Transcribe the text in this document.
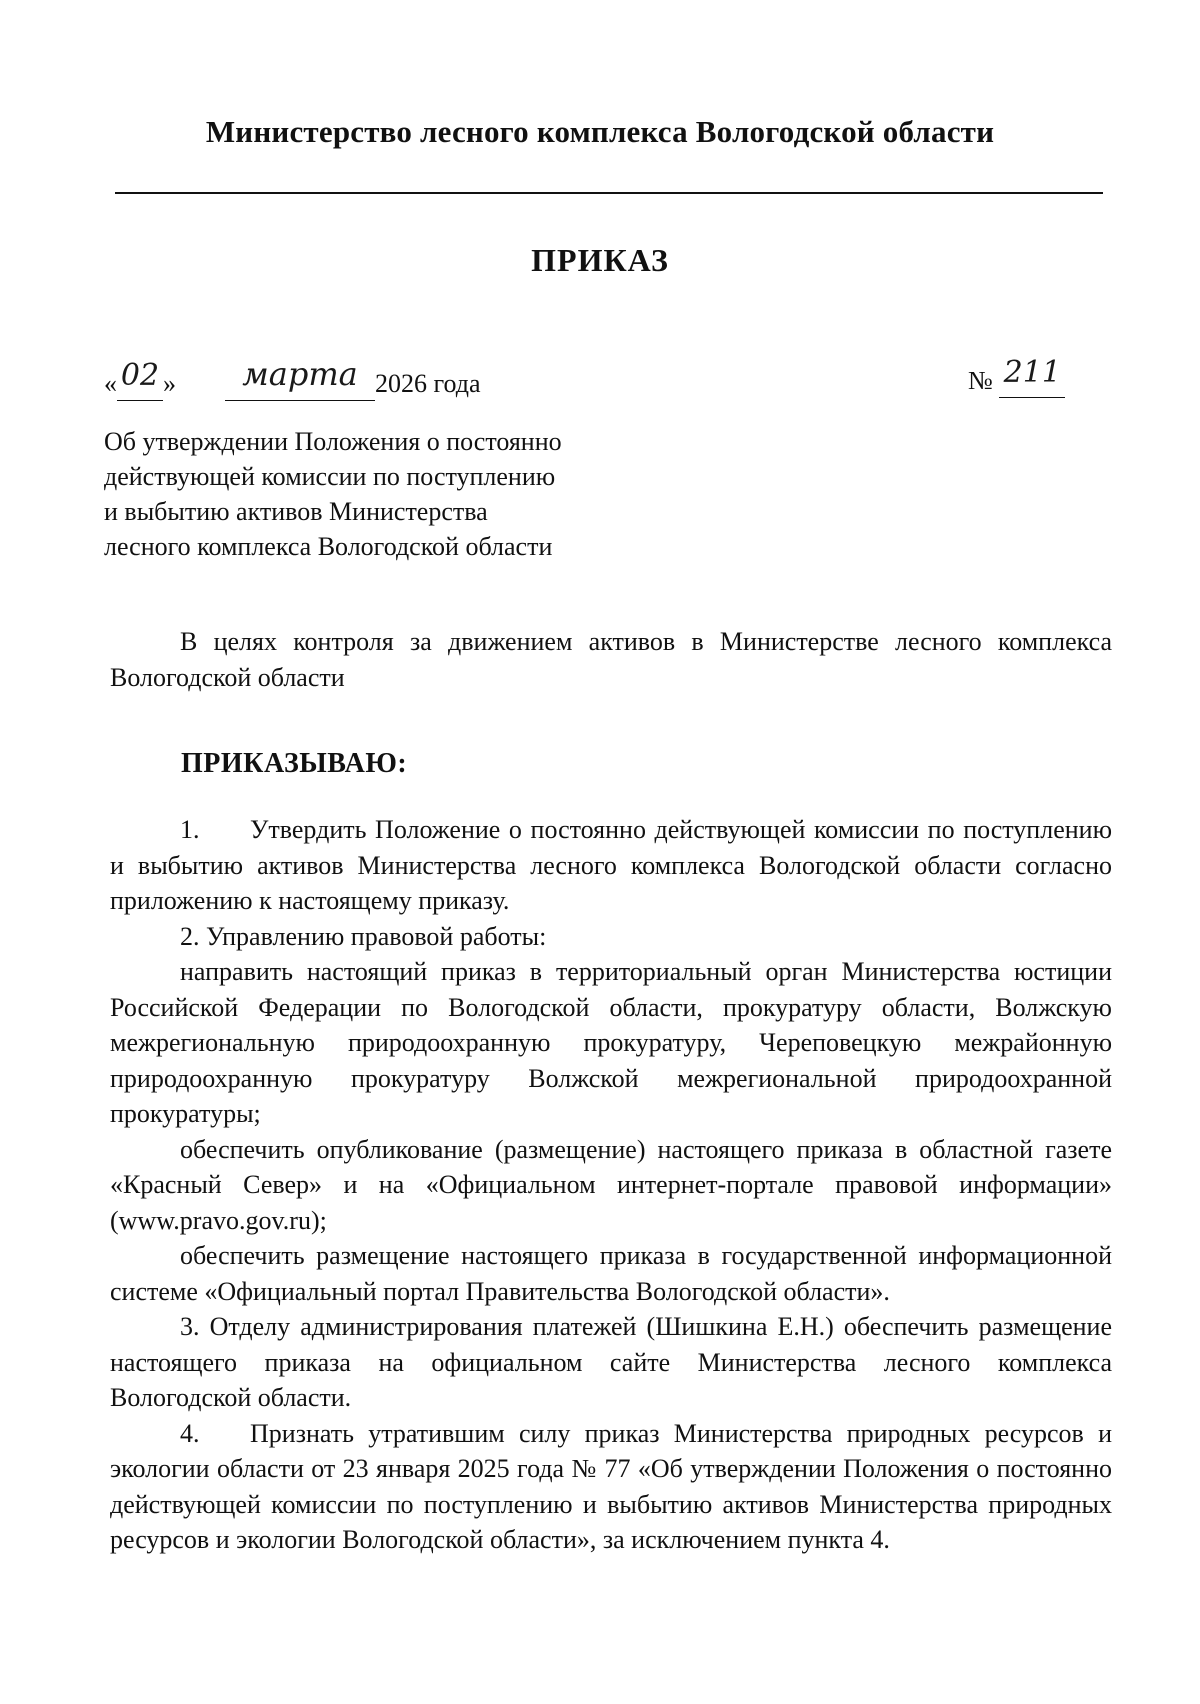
Министерство лесного комплекса Вологодской области
ПРИКАЗ
« 02 » марта 2026 года	№ 211
Об утверждении Положения о постоянно
действующей комиссии по поступлению
и выбытию активов Министерства
лесного комплекса Вологодской области

В целях контроля за движением активов в Министерстве лесного комплекса Вологодской области

ПРИКАЗЫВАЮ:

1. Утвердить Положение о постоянно действующей комиссии по поступлению и выбытию активов Министерства лесного комплекса Вологодской области согласно приложению к настоящему приказу.

2. Управлению правовой работы:

направить настоящий приказ в территориальный орган Министерства юстиции Российской Федерации по Вологодской области, прокуратуру области, Волжскую межрегиональную природоохранную прокуратуру, Череповецкую межрайонную природоохранную прокуратуру Волжской межрегиональной природоохранной прокуратуры;

обеспечить опубликование (размещение) настоящего приказа в областной газете «Красный Север» и на «Официальном интернет-портале правовой информации» (www.pravo.gov.ru);

обеспечить размещение настоящего приказа в государственной информационной системе «Официальный портал Правительства Вологодской области».

3. Отделу администрирования платежей (Шишкина Е.Н.) обеспечить размещение настоящего приказа на официальном сайте Министерства лесного комплекса Вологодской области.

4. Признать утратившим силу приказ Министерства природных ресурсов и экологии области от 23 января 2025 года № 77 «Об утверждении Положения о постоянно действующей комиссии по поступлению и выбытию активов Министерства природных ресурсов и экологии Вологодской области», за исключением пункта 4.
